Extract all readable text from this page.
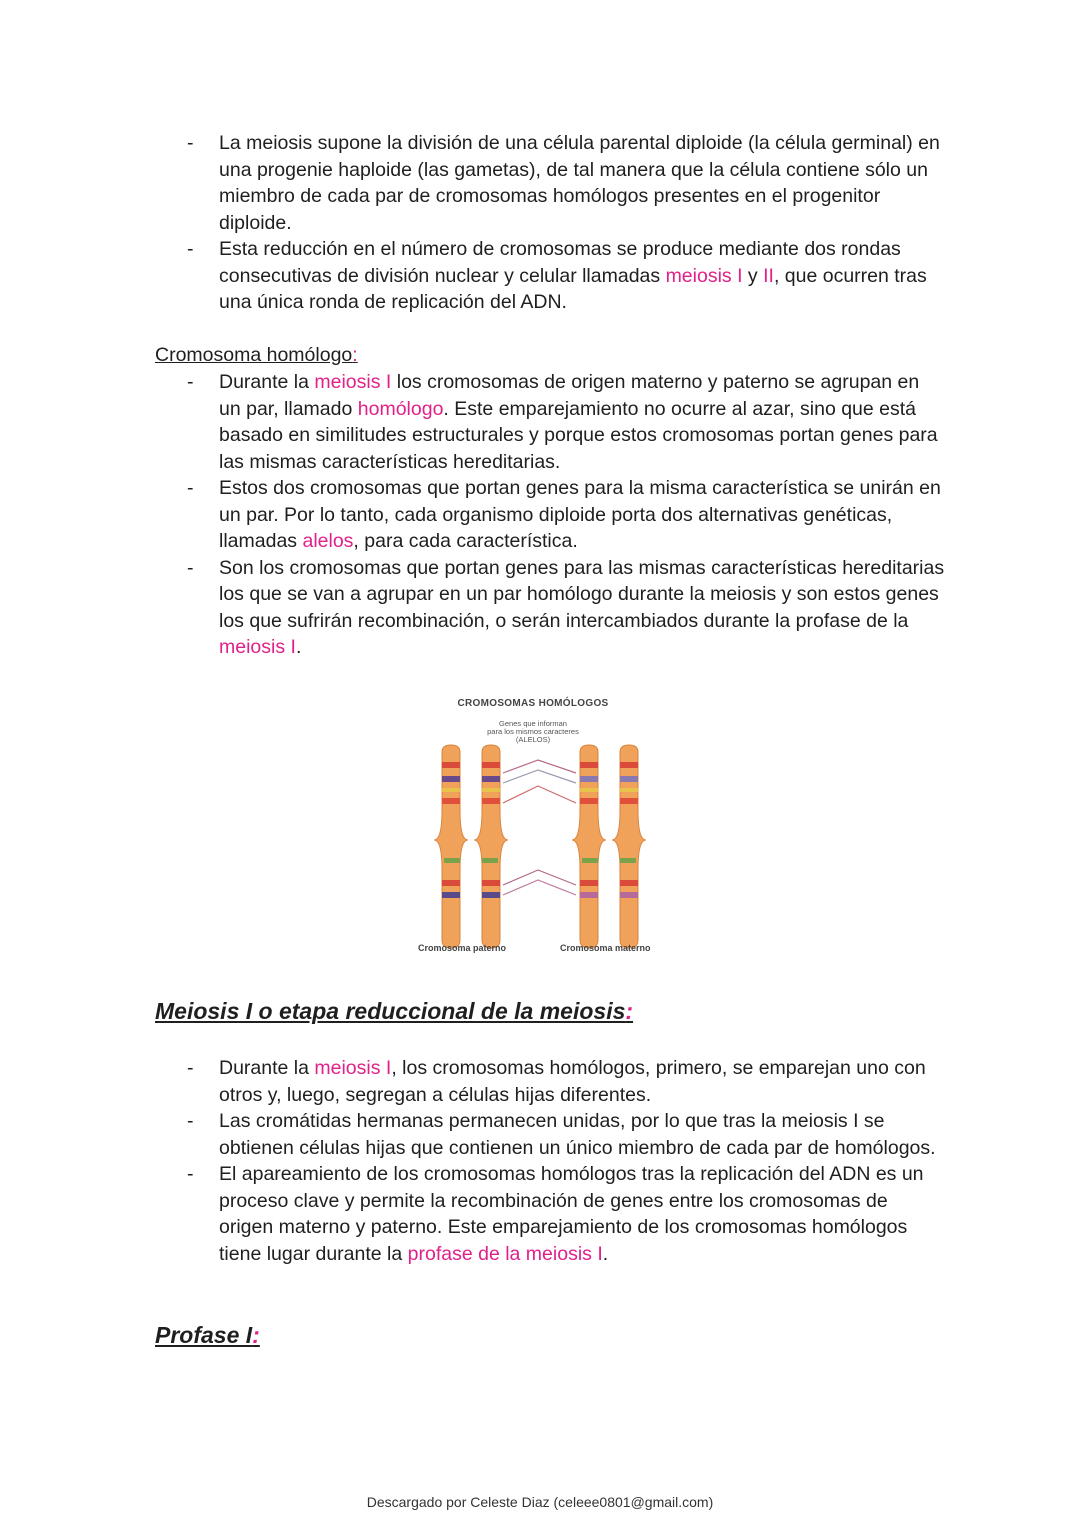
- La meiosis supone la división de una célula parental diploide (la célula germinal) en una progenie haploide (las gametas), de tal manera que la célula contiene sólo un miembro de cada par de cromosomas homólogos presentes en el progenitor diploide.
- Esta reducción en el número de cromosomas se produce mediante dos rondas consecutivas de división nuclear y celular llamadas meiosis I y II, que ocurren tras una única ronda de replicación del ADN.
Cromosoma homólogo:
- Durante la meiosis I los cromosomas de origen materno y paterno se agrupan en un par, llamado homólogo. Este emparejamiento no ocurre al azar, sino que está basado en similitudes estructurales y porque estos cromosomas portan genes para las mismas características hereditarias.
- Estos dos cromosomas que portan genes para la misma característica se unirán en un par. Por lo tanto, cada organismo diploide porta dos alternativas genéticas, llamadas alelos, para cada característica.
- Son los cromosomas que portan genes para las mismas características hereditarias los que se van a agrupar en un par homólogo durante la meiosis y son estos genes los que sufrirán recombinación, o serán intercambiados durante la profase de la meiosis I.
CROMOSOMAS HOMÓLOGOS
Genes que informan
para los mismos caracteres
(ALELOS)
Cromosoma paterno	Cromosoma materno
Meiosis I o etapa reduccional de la meiosis:
- Durante la meiosis I, los cromosomas homólogos, primero, se emparejan uno con otros y, luego, segregan a células hijas diferentes.
- Las cromátidas hermanas permanecen unidas, por lo que tras la meiosis I se obtienen células hijas que contienen un único miembro de cada par de homólogos.
- El apareamiento de los cromosomas homólogos tras la replicación del ADN es un proceso clave y permite la recombinación de genes entre los cromosomas de origen materno y paterno. Este emparejamiento de los cromosomas homólogos tiene lugar durante la profase de la meiosis I.
Profase I:
Descargado por Celeste Diaz (celeee0801@gmail.com)
